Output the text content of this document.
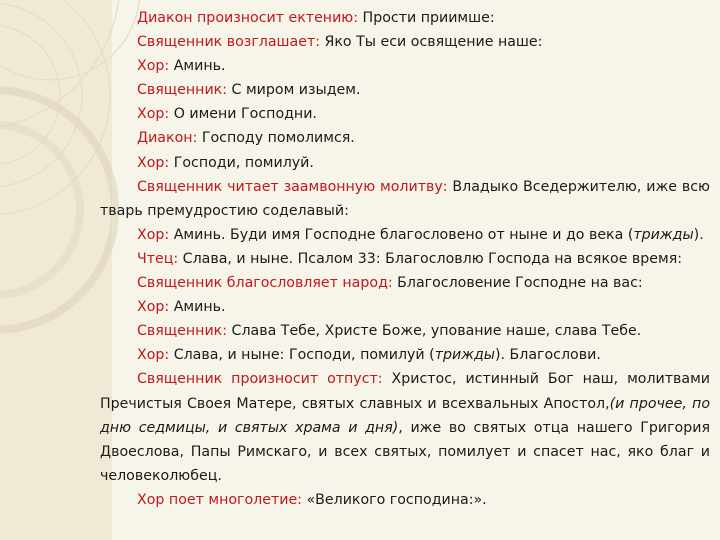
Диакон произносит ектению: Прости приимше:

Священник возглашает: Яко Ты еси освящение наше:

Хор: Аминь.

Священник: С миром изыдем.

Хор: О имени Господни.

Диакон: Господу помолимся.

Хор: Господи, помилуй.

Священник читает заамвонную молитву: Владыко Вседержителю, иже всю тварь премудростию соделавый:

Хор: Аминь. Буди имя Господне благословено от ныне и до века (трижды).

Чтец: Слава, и ныне. Псалом 33: Благословлю Господа на всякое время:

Священник благословляет народ: Благословение Господне на вас:

Хор: Аминь.

Священник: Слава Тебе, Христе Боже, упование наше, слава Тебе.

Хор: Слава, и ныне: Господи, помилуй (трижды). Благослови.

Священник произносит отпуст: Христос, истинный Бог наш, молитвами Пречистыя Своея Матере, святых славных и всехвальных Апостол,(и прочее, по дню седмицы, и святых храма и дня), иже во святых отца нашего Григория Двоеслова, Папы Римскаго, и всех святых, помилует и спасет нас, яко благ и человеколюбец.

Хор поет многолетие: «Великого господина:».
